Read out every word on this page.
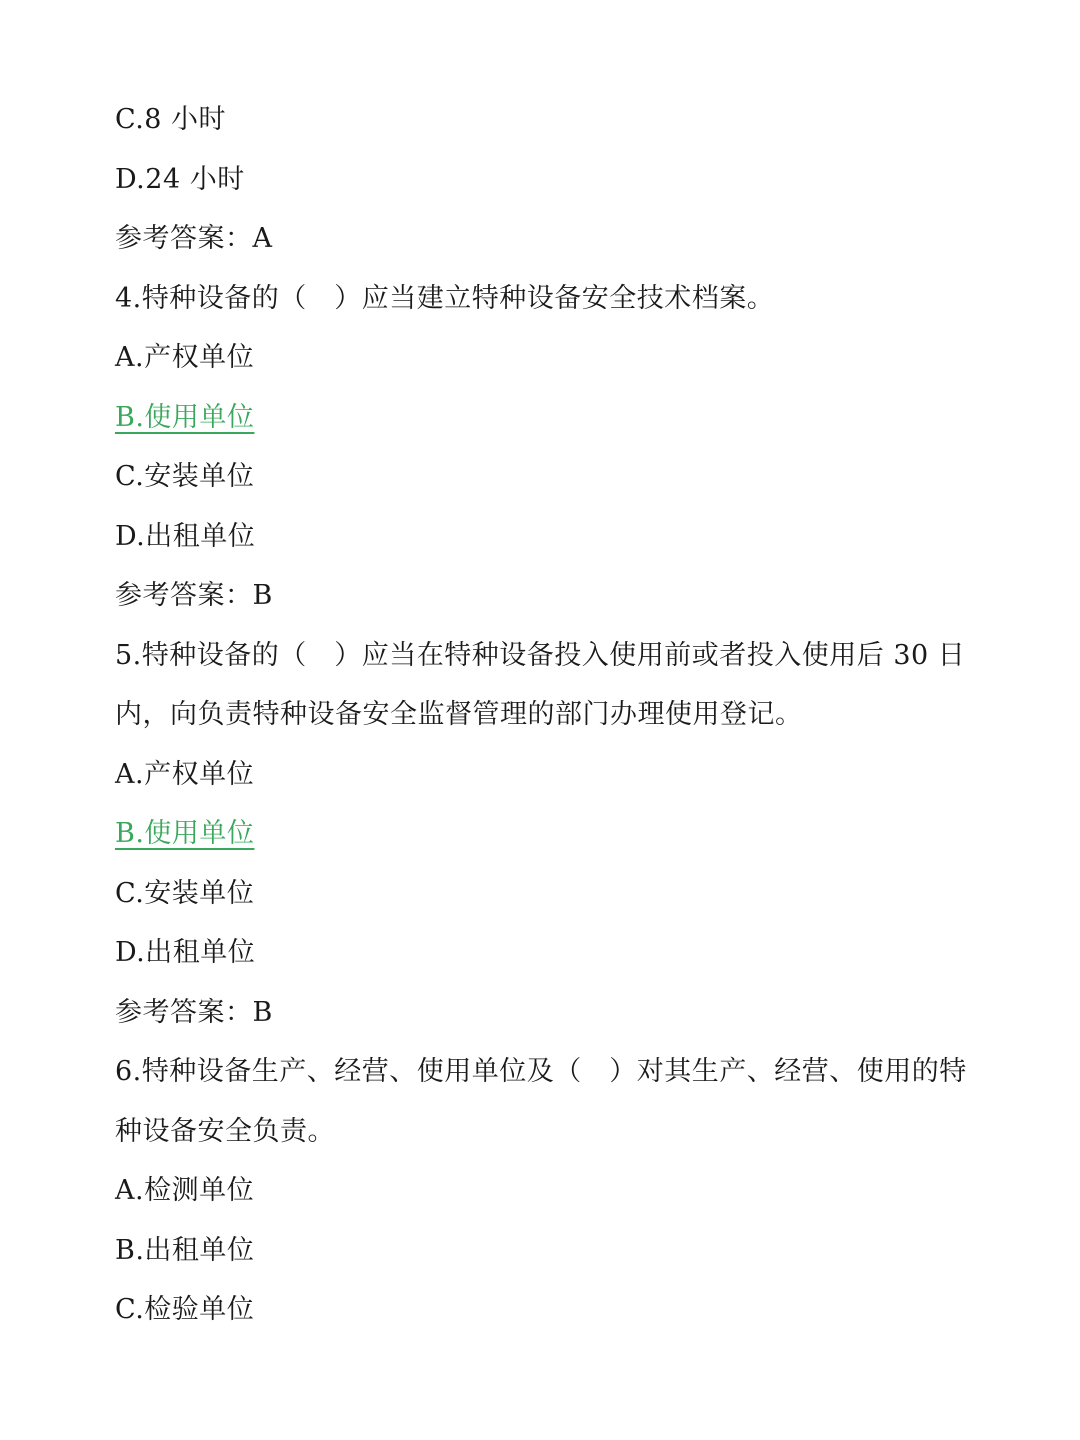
C.8 小时
D.24 小时
参考答案：A
4.特种设备的（　）应当建立特种设备安全技术档案。
A.产权单位
B.使用单位
C.安装单位
D.出租单位
参考答案：B
5.特种设备的（　）应当在特种设备投入使用前或者投入使用后 30 日
内，向负责特种设备安全监督管理的部门办理使用登记。
A.产权单位
B.使用单位
C.安装单位
D.出租单位
参考答案：B
6.特种设备生产、经营、使用单位及（　）对其生产、经营、使用的特
种设备安全负责。
A.检测单位
B.出租单位
C.检验单位
